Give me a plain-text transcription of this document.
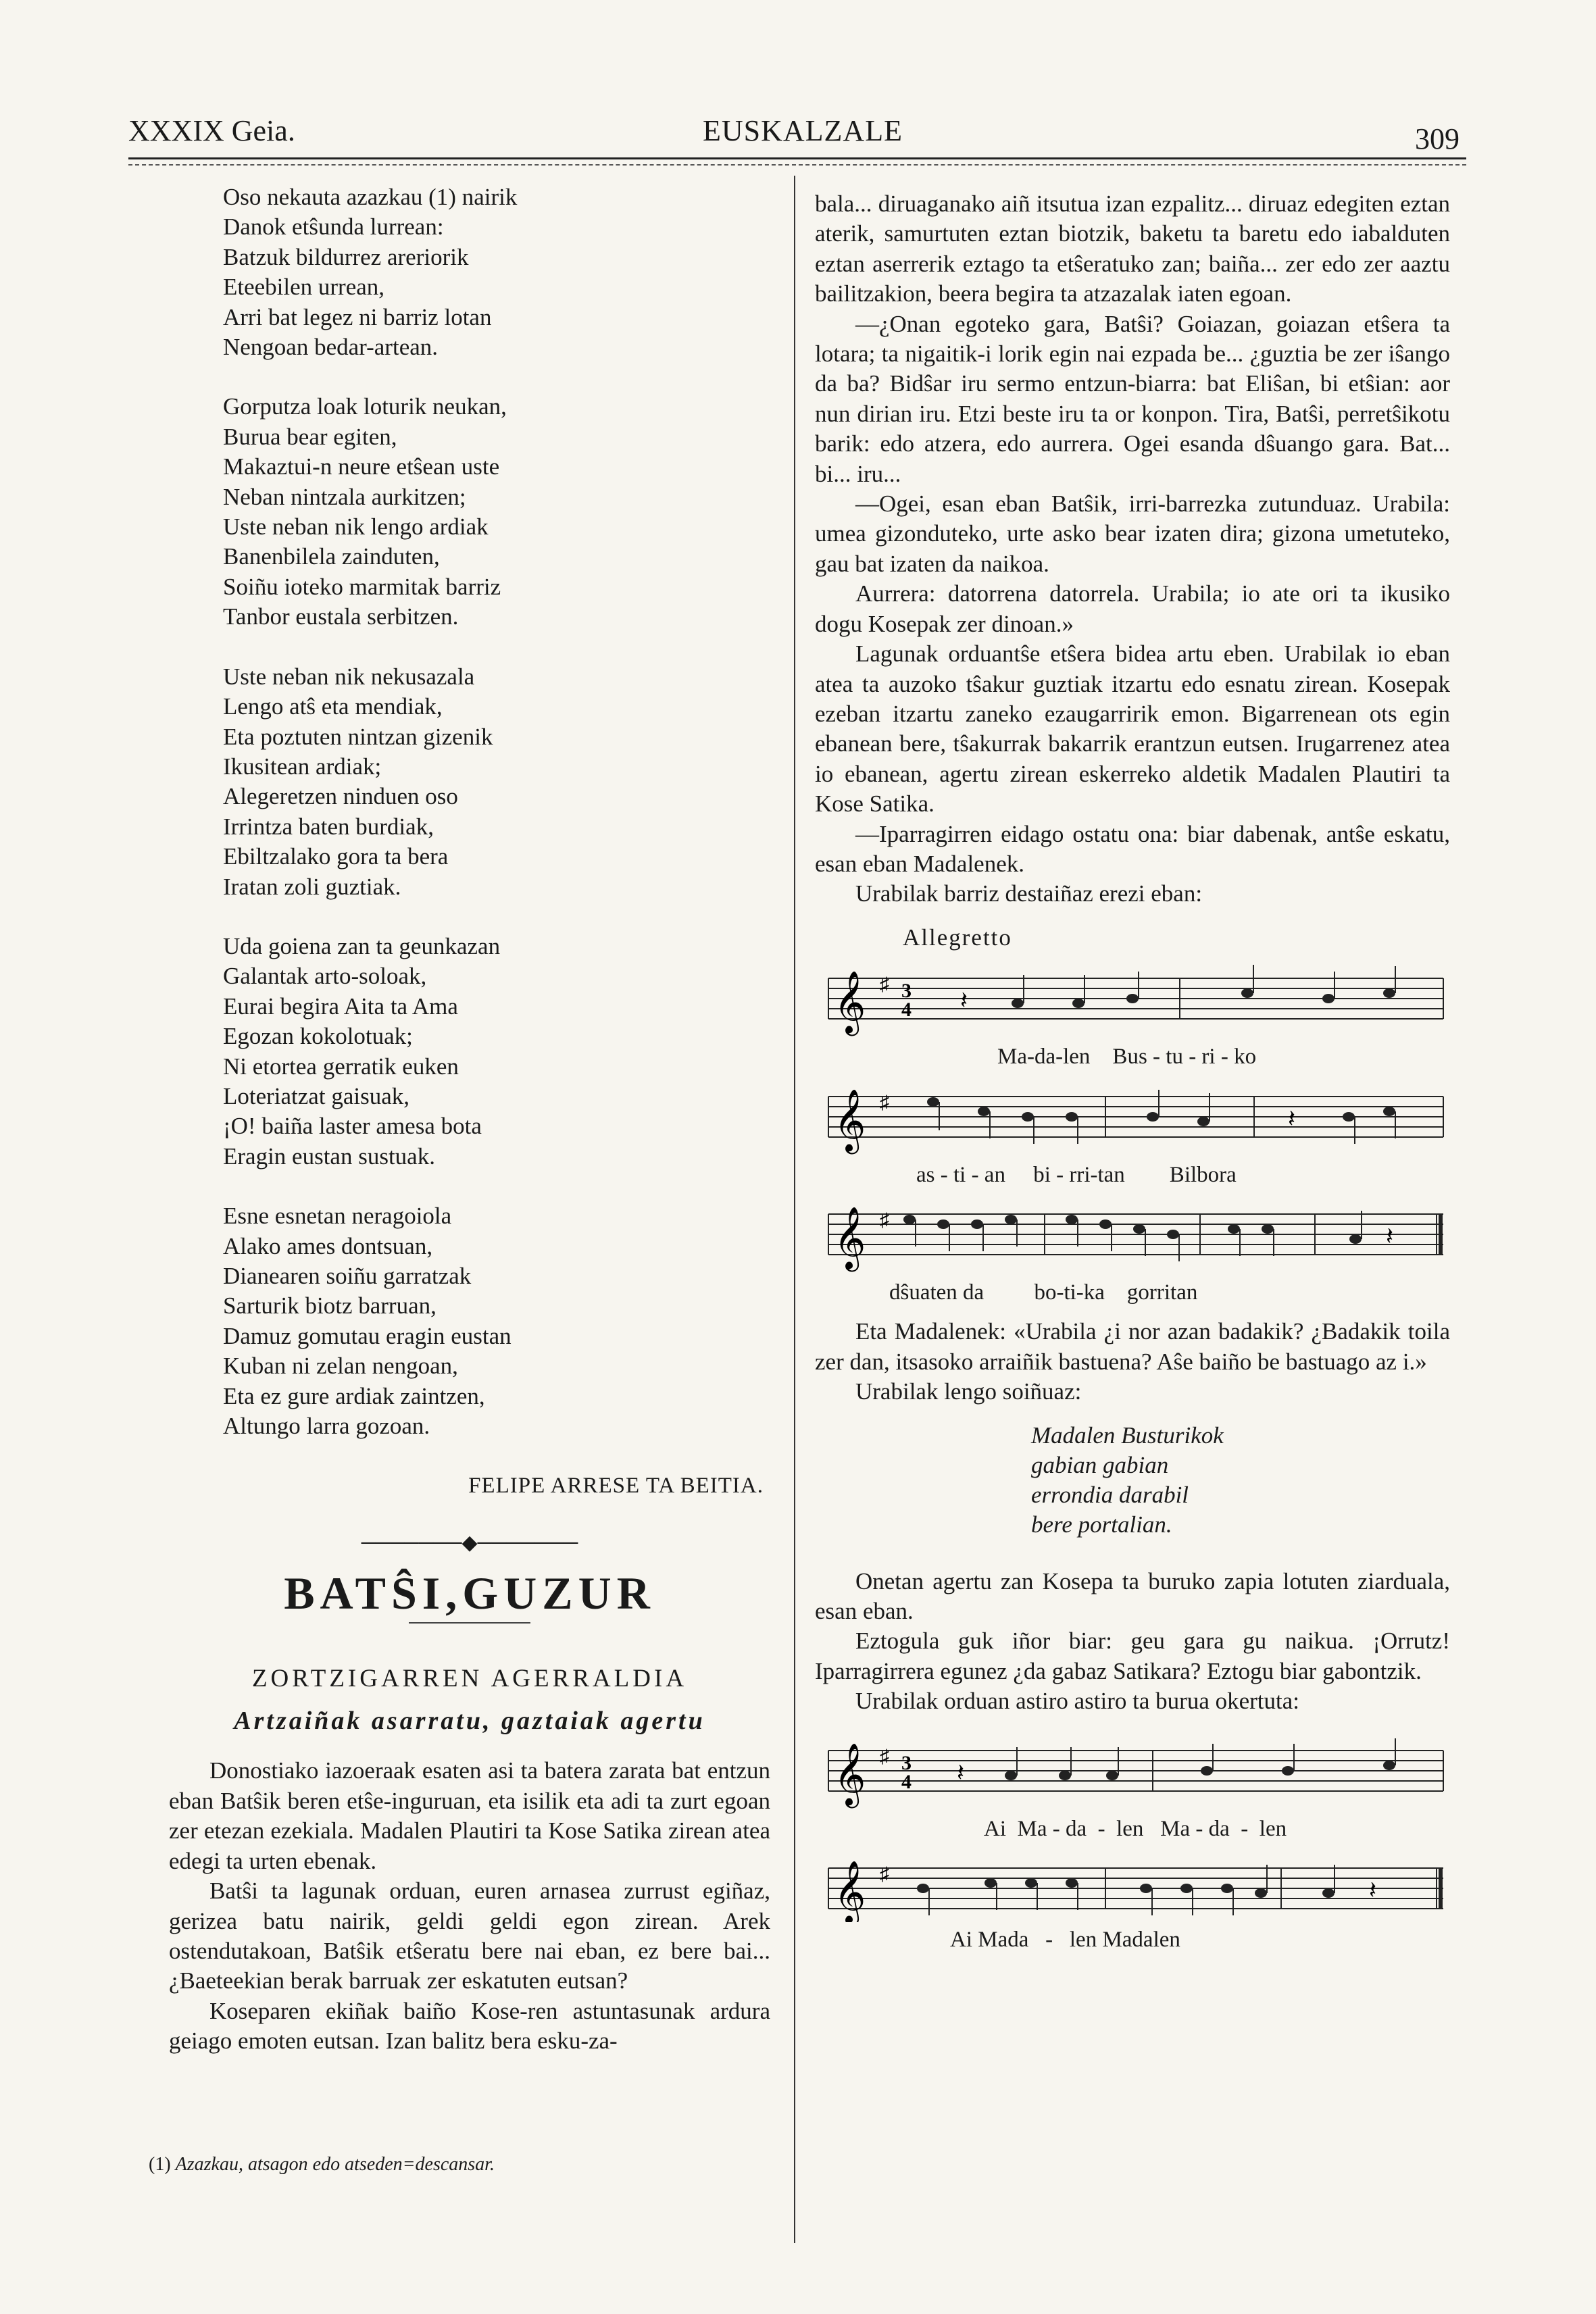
XXXIX Geia.	EUSKALZALE	309
Oso nekauta azazkau (1) nairik
Danok etŝunda lurrean:
Batzuk bildurrez areriorik
Eteebilen urrean,
Arri bat legez ni barriz lotan
Nengoan bedar-artean.
Gorputza loak loturik neukan,
Burua bear egiten,
Makaztui-n neure etŝean uste
Neban nintzala aurkitzen;
Uste neban nik lengo ardiak
Banenbilela zainduten,
Soiñu ioteko marmitak barriz
Tanbor eustala serbitzen.
Uste neban nik nekusazala
Lengo atŝ eta mendiak,
Eta poztuten nintzan gizenik
Ikusitean ardiak;
Alegeretzen ninduen oso
Irrintza baten burdiak,
Ebiltzalako gora ta bera
Iratan zoli guztiak.
Uda goiena zan ta geunkazan
Galantak arto-soloak,
Eurai begira Aita ta Ama
Egozan kokolotuak;
Ni etortea gerratik euken
Loteriatzat gaisuak,
¡O! baiña laster amesa bota
Eragin eustan sustuak.
Esne esnetan neragoiola
Alako ames dontsuan,
Dianearen soiñu garratzak
Sarturik biotz barruan,
Damuz gomutau eragin eustan
Kuban ni zelan nengoan,
Eta ez gure ardiak zaintzen,
Altungo larra gozoan.
FELIPE ARRESE TA BEITIA.
───────◆───────
BATŜI,GUZUR
ZORTZIGARREN AGERRALDIA
Artzaiñak asarratu, gaztaiak agertu

Donostiako iazoeraak esaten asi ta batera zarata bat entzun eban Batŝik beren etŝe-inguruan, eta isilik eta adi ta zurt egoan zer etezan ezekiala. Madalen Plautiri ta Kose Satika zirean atea edegi ta urten ebenak.

Batŝi ta lagunak orduan, euren arnasea zurrust egiñaz, gerizea batu nairik, geldi geldi egon zirean. Arek ostendutakoan, Batŝik etŝeratu bere nai eban, ez bere bai... ¿Baeteekian berak barruak zer eskatuten eutsan?

Koseparen ekiñak baiño Kose-ren astuntasunak ardura geiago emoten eutsan. Izan balitz bera esku-za-

bala... diruaganako aiñ itsutua izan ezpalitz... diruaz edegiten eztan aterik, samurtuten eztan biotzik, baketu ta baretu edo iabalduten eztan aserrerik eztago ta etŝeratuko zan; baiña... zer edo zer aaztu bailitzakion, beera begira ta atzazalak iaten egoan.

—¿Onan egoteko gara, Batŝi? Goiazan, goiazan etŝera ta lotara; ta nigaitik-i lorik egin nai ezpada be... ¿guztia be zer iŝango da ba? Bidŝar iru sermo entzun-biarra: bat Eliŝan, bi etŝian: aor nun dirian iru. Etzi beste iru ta or konpon. Tira, Batŝi, perretŝikotu barik: edo atzera, edo aurrera. Ogei esanda dŝuango gara. Bat... bi... iru...

—Ogei, esan eban Batŝik, irri-barrezka zutunduaz. Urabila: umea gizonduteko, urte asko bear izaten dira; gizona umetuteko, gau bat izaten da naikoa.

Aurrera: datorrena datorrela. Urabila; io ate ori ta ikusiko dogu Kosepak zer dinoan.»

Lagunak orduantŝe etŝera bidea artu eben. Urabilak io eban atea ta auzoko tŝakur guztiak itzartu edo esnatu zirean. Kosepak ezeban itzartu zaneko ezaugarririk emon. Bigarrenean ots egin ebanean bere, tŝakurrak bakarrik erantzun eutsen. Irugarrenez atea io ebanean, agertu zirean eskerreko aldetik Madalen Plautiri ta Kose Satika.

—Iparragirren eidago ostatu ona: biar dabenak, antŝe eskatu, esan eban Madalenek.

Urabilak barriz destaiñaz erezi eban:

Allegretto
𝄞 ♯ 3
4 𝄽
Ma-da-len    Bus - tu - ri - ko
𝄞 ♯
𝄽
as - ti - an     bi - rri-tan        Bilbora
𝄞 ♯
𝄽
dŝuaten da         bo-ti-ka    gorritan

Eta Madalenek: «Urabila ¿i nor azan badakik? ¿Badakik toila zer dan, itsasoko arraiñik bastuena? Aŝe baiño be bastuago az i.»

Urabilak lengo soiñuaz:

Madalen Busturikok
gabian gabian
errondia darabil
bere portalian.

Onetan agertu zan Kosepa ta buruko zapia lotuten ziarduala, esan eban.

Eztogula guk iñor biar: geu gara gu naikua. ¡Orrutz! Iparragirrera egunez ¿da gabaz Satikara? Eztogu biar gabontzik.

Urabilak orduan astiro astiro ta burua okertuta:

𝄞 ♯ 3
4 𝄽
Ai  Ma - da  -  len   Ma - da  -  len
𝄞 ♯
𝄽
Ai Mada   -   len Madalen
(1) Azazkau, atsagon edo atseden=descansar.
